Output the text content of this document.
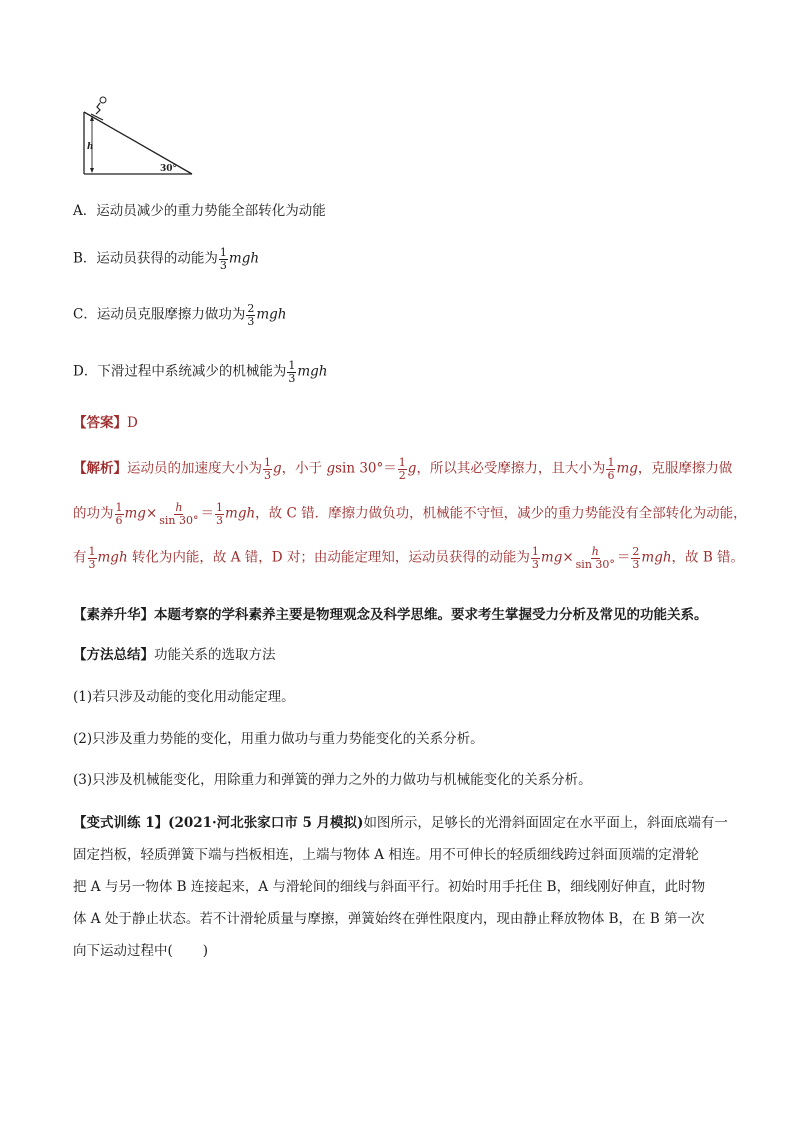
h
30°
A．运动员减少的重力势能全部转化为动能
B．运动员获得的动能为 $\frac{1}{3}$ mgh
C．运动员克服摩擦力做功为 $\frac{2}{3}$ mgh
D．下滑过程中系统减少的机械能为 $\frac{1}{3}$ mgh
【答案】D
【解析】运动员的加速度大小为 $\frac{1}{3}$ g，小于 gsin $30^\circ= \frac{1}{2}$ g，所以其必受摩擦力，且大小为 $\frac{1}{6}$ mg，克服摩擦力做
的功为 $\frac{1}{6} mg\times \frac{h}{\sin 30^\circ} = \frac{1}{3}$ mgh，故 C 错．摩擦力做负功，机械能不守恒，减少的重力势能没有全部转化为动能，
有 $\frac{1}{3}$ mgh 转化为内能，故 A 错，D 对；由动能定理知，运动员获得的动能为 $\frac{1}{3} mg\times \frac{h}{\sin 30^\circ} = \frac{2}{3}$ mgh，故 B 错。
【素养升华】本题考察的学科素养主要是物理观念及科学思维。要求考生掌握受力分析及常见的功能关系。
【方法总结】功能关系的选取方法
(1)若只涉及动能的变化用动能定理。
(2)只涉及重力势能的变化，用重力做功与重力势能变化的关系分析。
(3)只涉及机械能变化，用除重力和弹簧的弹力之外的力做功与机械能变化的关系分析。
【变式训练 1】(2021·河北张家口市 5 月模拟)如图所示，足够长的光滑斜面固定在水平面上，斜面底端有一
固定挡板，轻质弹簧下端与挡板相连，上端与物体 A 相连。用不可伸长的轻质细线跨过斜面顶端的定滑轮
把 A 与另一物体 B 连接起来，A 与滑轮间的细线与斜面平行。初始时用手托住 B，细线刚好伸直，此时物
体 A 处于静止状态。若不计滑轮质量与摩擦，弹簧始终在弹性限度内，现由静止释放物体 B，在 B 第一次
向下运动过程中( )
